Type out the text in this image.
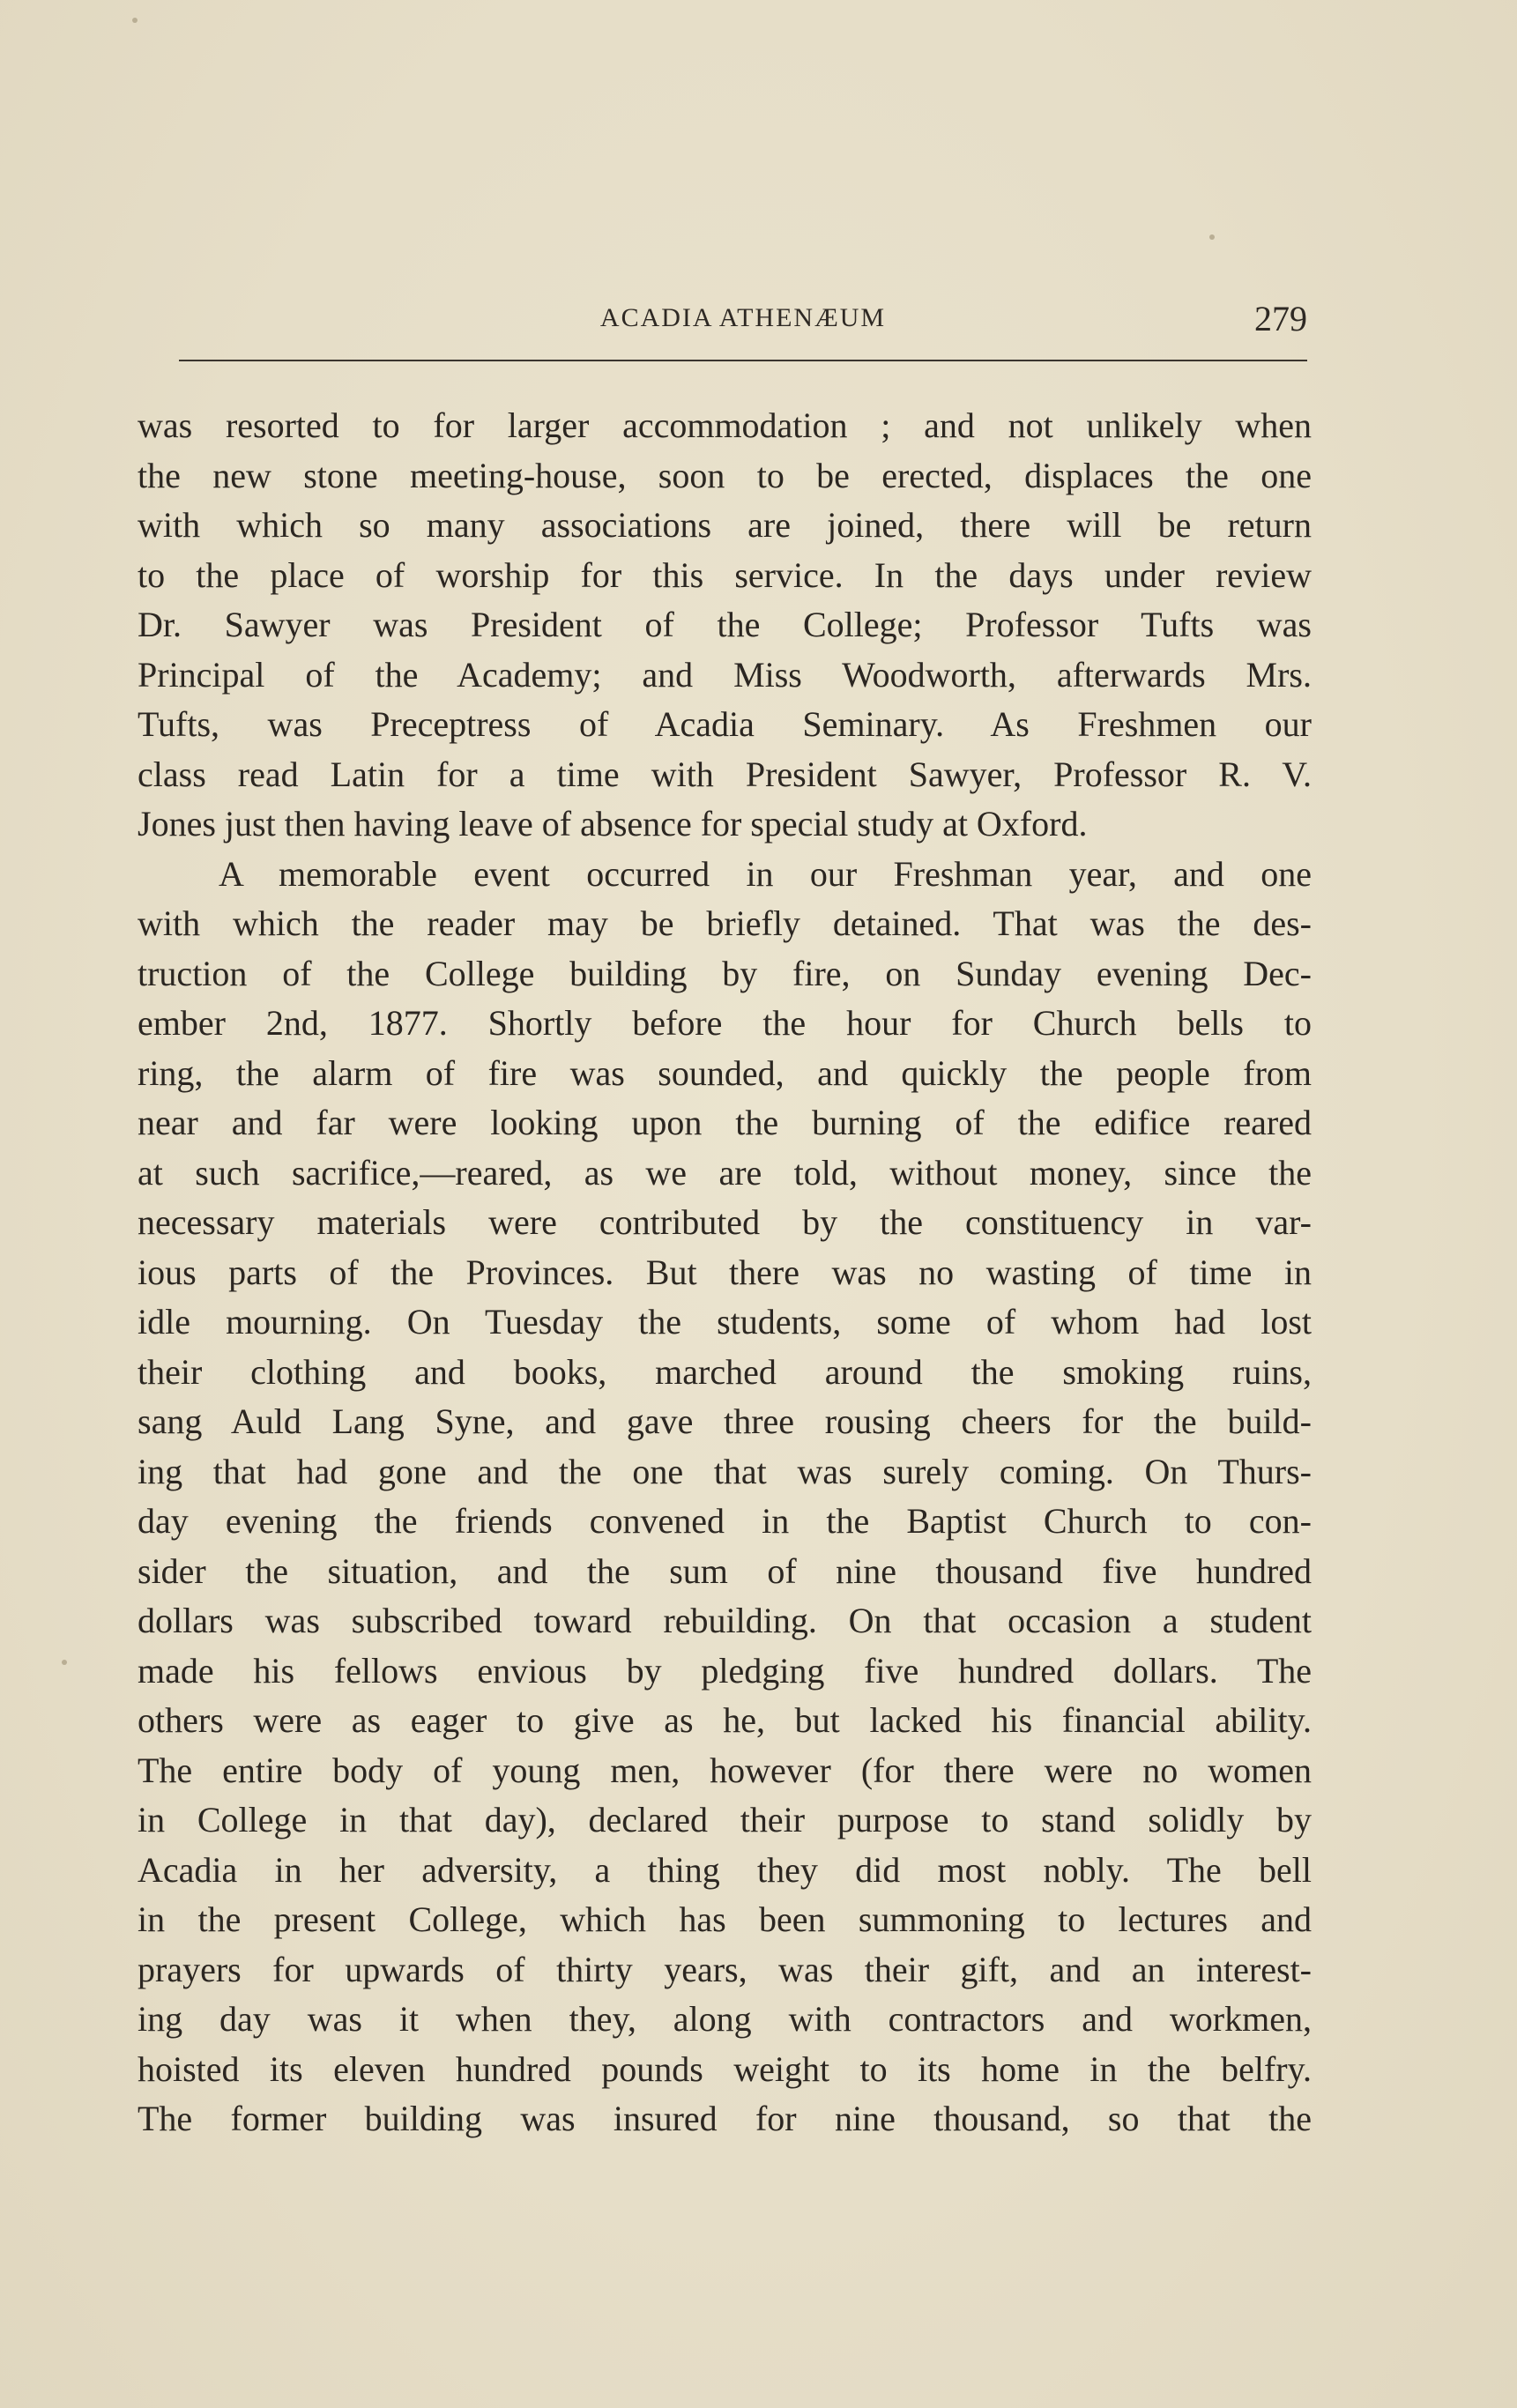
ACADIA ATHENÆUM	279
was resorted to for larger accommodation ; and not unlikely when
the new stone meeting-house, soon to be erected, displaces the one
with which so many associations are joined, there will be return
to the place of worship for this service. In the days under review
Dr. Sawyer was President of the College; Professor Tufts was
Principal of the Academy; and Miss Woodworth, afterwards Mrs.
Tufts, was Preceptress of Acadia Seminary. As Freshmen our
class read Latin for a time with President Sawyer, Professor R. V.
Jones just then having leave of absence for special study at Oxford.
A memorable event occurred in our Freshman year, and one
with which the reader may be briefly detained. That was the des-
truction of the College building by fire, on Sunday evening Dec-
ember 2nd, 1877. Shortly before the hour for Church bells to
ring, the alarm of fire was sounded, and quickly the people from
near and far were looking upon the burning of the edifice reared
at such sacrifice,—reared, as we are told, without money, since the
necessary materials were contributed by the constituency in var-
ious parts of the Provinces. But there was no wasting of time in
idle mourning. On Tuesday the students, some of whom had lost
their clothing and books, marched around the smoking ruins,
sang Auld Lang Syne, and gave three rousing cheers for the build-
ing that had gone and the one that was surely coming. On Thurs-
day evening the friends convened in the Baptist Church to con-
sider the situation, and the sum of nine thousand five hundred
dollars was subscribed toward rebuilding. On that occasion a student
made his fellows envious by pledging five hundred dollars. The
others were as eager to give as he, but lacked his financial ability.
The entire body of young men, however (for there were no women
in College in that day), declared their purpose to stand solidly by
Acadia in her adversity, a thing they did most nobly. The bell
in the present College, which has been summoning to lectures and
prayers for upwards of thirty years, was their gift, and an interest-
ing day was it when they, along with contractors and workmen,
hoisted its eleven hundred pounds weight to its home in the belfry.
The former building was insured for nine thousand, so that the
